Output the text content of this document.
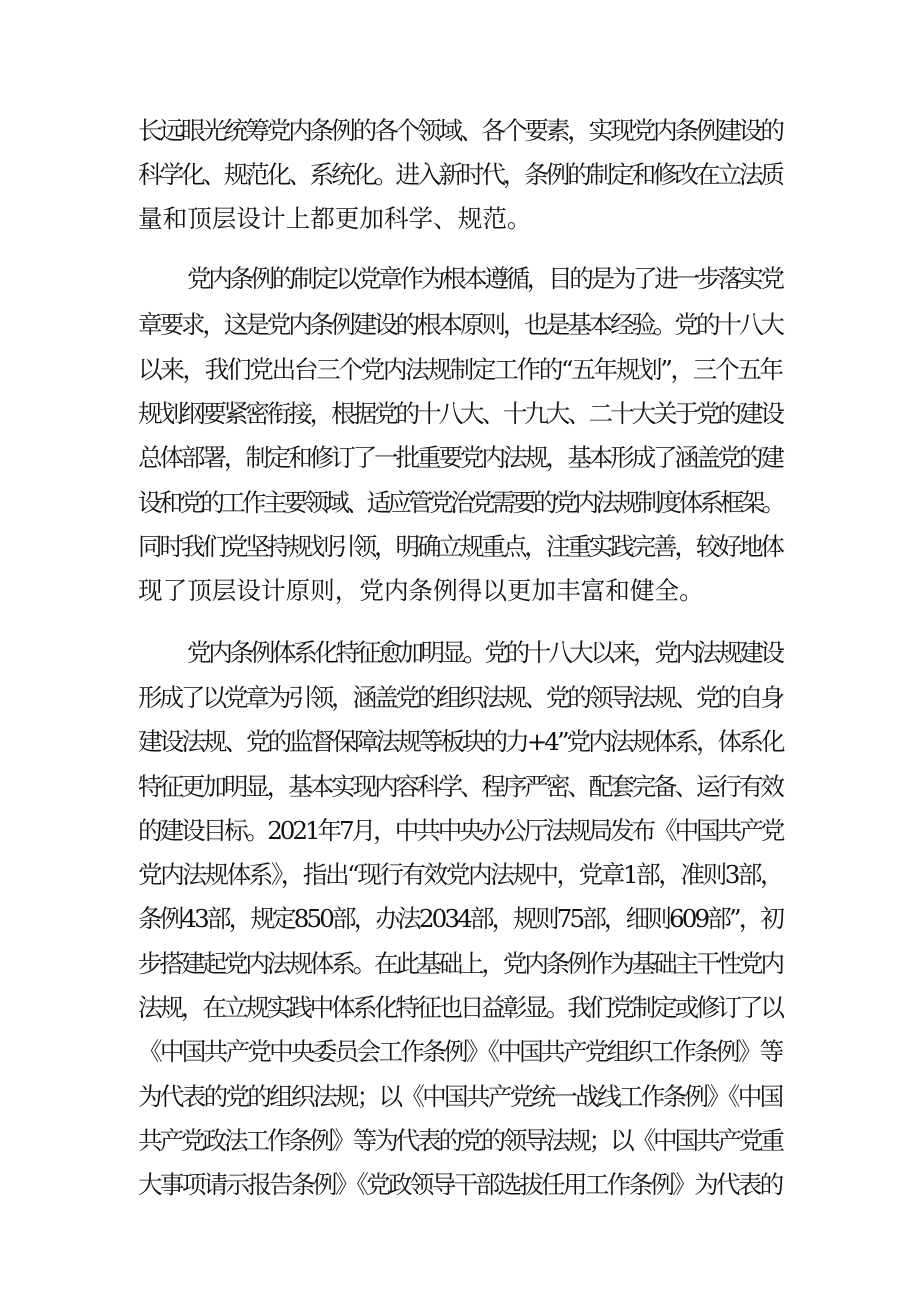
长远眼光统筹党内条例的各个领域、各个要素，实现党内条例建设的
科学化、规范化、系统化。进入新时代，条例的制定和修改在立法质
量和顶层设计上都更加科学、规范。
党内条例的制定以党章作为根本遵循，目的是为了进一步落实党
章要求，这是党内条例建设的根本原则，也是基本经验。党的十八大
以来，我们党出台三个党内法规制定工作的“五年规划”，三个五年
规划纲要紧密衔接，根据党的十八大、十九大、二十大关于党的建设
总体部署，制定和修订了一批重要党内法规，基本形成了涵盖党的建
设和党的工作主要领域、适应管党治党需要的党内法规制度体系框架。
同时我们党坚持规划引领，明确立规重点，注重实践完善，较好地体
现了顶层设计原则，党内条例得以更加丰富和健全。
党内条例体系化特征愈加明显。党的十八大以来，党内法规建设
形成了以党章为引领，涵盖党的组织法规、党的领导法规、党的自身
建设法规、党的监督保障法规等板块的力+4”党内法规体系，体系化
特征更加明显，基本实现内容科学、程序严密、配套完备、运行有效
的建设目标。2021年7月，中共中央办公厅法规局发布《中国共产党
党内法规体系》，指出“现行有效党内法规中，党章1部，准则3部，
条例43部，规定850部，办法2034部，规则75部，细则609部”，初
步搭建起党内法规体系。在此基础上，党内条例作为基础主干性党内
法规，在立规实践中体系化特征也日益彰显。我们党制定或修订了以
《中国共产党中央委员会工作条例》《中国共产党组织工作条例》等
为代表的党的组织法规；以《中国共产党统一战线工作条例》《中国
共产党政法工作条例》等为代表的党的领导法规；以《中国共产党重
大事项请示报告条例》《党政领导干部选拔任用工作条例》为代表的
